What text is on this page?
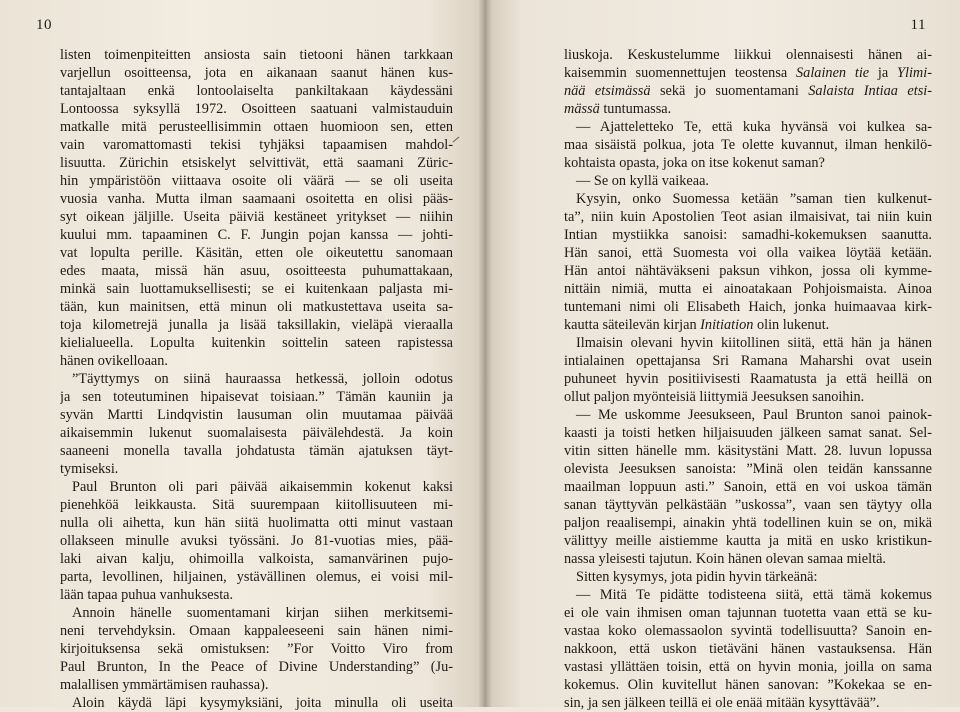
10
listen toimenpiteitten ansiosta sain tietooni hänen tarkkaan
varjellun osoitteensa, jota en aikanaan saanut hänen kus-
tantajaltaan enkä lontoolaiselta pankiltakaan käydessäni
Lontoossa syksyllä 1972. Osoitteen saatuani valmistauduin
matkalle mitä perusteellisimmin ottaen huomioon sen, etten
vain varomattomasti tekisi tyhjäksi tapaamisen mahdol-
lisuutta. Zürichin etsiskelyt selvittivät, että saamani Züric-
hin ympäristöön viittaava osoite oli väärä — se oli useita
vuosia vanha. Mutta ilman saamaani osoitetta en olisi pääs-
syt oikean jäljille. Useita päiviä kestäneet yritykset — niihin
kuului mm. tapaaminen C. F. Jungin pojan kanssa — johti-
vat lopulta perille. Käsitän, etten ole oikeutettu sanomaan
edes maata, missä hän asuu, osoitteesta puhumattakaan,
minkä sain luottamuksellisesti; se ei kuitenkaan paljasta mi-
tään, kun mainitsen, että minun oli matkustettava useita sa-
toja kilometrejä junalla ja lisää taksillakin, vieläpä vieraalla
kielialueella. Lopulta kuitenkin soittelin sateen rapistessa
hänen ovikelloaan.
”Täyttymys on siinä hauraassa hetkessä, jolloin odotus
ja sen toteutuminen hipaisevat toisiaan.” Tämän kauniin ja
syvän Martti Lindqvistin lausuman olin muutamaa päivää
aikaisemmin lukenut suomalaisesta päivälehdestä. Ja koin
saaneeni monella tavalla johdatusta tämän ajatuksen täyt-
tymiseksi.
Paul Brunton oli pari päivää aikaisemmin kokenut kaksi
pienehköä leikkausta. Sitä suurempaan kiitollisuuteen mi-
nulla oli aihetta, kun hän siitä huolimatta otti minut vastaan
ollakseen minulle avuksi työssäni. Jo 81-vuotias mies, pää-
laki aivan kalju, ohimoilla valkoista, samanvärinen pujo-
parta, levollinen, hiljainen, ystävällinen olemus, ei voisi mil-
lään tapaa puhua vanhuksesta.
Annoin hänelle suomentamani kirjan siihen merkitsemi-
neni tervehdyksin. Omaan kappaleeseeni sain hänen nimi-
kirjoituksensa sekä omistuksen: ”For Voitto Viro from
Paul Brunton, In the Peace of Divine Understanding” (Ju-
malallisen ymmärtämisen rauhassa).
Aloin käydä läpi kysymyksiäni, joita minulla oli useita
11
liuskoja. Keskustelumme liikkui olennaisesti hänen ai-
kaisemmin suomennettujen teostensa Salainen tie ja Ylimi-
nää etsimässä sekä jo suomentamani Salaista Intiaa etsi-
mässä tuntumassa.
— Ajatteletteko Te, että kuka hyvänsä voi kulkea sa-
maa sisäistä polkua, jota Te olette kuvannut, ilman henkilö-
kohtaista opasta, joka on itse kokenut saman?
— Se on kyllä vaikeaa.
Kysyin, onko Suomessa ketään ”saman tien kulkenut-
ta”, niin kuin Apostolien Teot asian ilmaisivat, tai niin kuin
Intian mystiikka sanoisi: samadhi-kokemuksen saanutta.
Hän sanoi, että Suomesta voi olla vaikea löytää ketään.
Hän antoi nähtäväkseni paksun vihkon, jossa oli kymme-
nittäin nimiä, mutta ei ainoatakaan Pohjoismaista. Ainoa
tuntemani nimi oli Elisabeth Haich, jonka huimaavaa kirk-
kautta säteilevän kirjan Initiation olin lukenut.
Ilmaisin olevani hyvin kiitollinen siitä, että hän ja hänen
intialainen opettajansa Sri Ramana Maharshi ovat usein
puhuneet hyvin positiivisesti Raamatusta ja että heillä on
ollut paljon myönteisiä liittymiä Jeesuksen sanoihin.
— Me uskomme Jeesukseen, Paul Brunton sanoi painok-
kaasti ja toisti hetken hiljaisuuden jälkeen samat sanat. Sel-
vitin sitten hänelle mm. käsitystäni Matt. 28. luvun lopussa
olevista Jeesuksen sanoista: ”Minä olen teidän kanssanne
maailman loppuun asti.” Sanoin, että en voi uskoa tämän
sanan täyttyvän pelkästään ”uskossa”, vaan sen täytyy olla
paljon reaalisempi, ainakin yhtä todellinen kuin se on, mikä
välittyy meille aistiemme kautta ja mitä en usko kristikun-
nassa yleisesti tajutun. Koin hänen olevan samaa mieltä.
Sitten kysymys, jota pidin hyvin tärkeänä:
— Mitä Te pidätte todisteena siitä, että tämä kokemus
ei ole vain ihmisen oman tajunnan tuotetta vaan että se ku-
vastaa koko olemassaolon syvintä todellisuutta? Sanoin en-
nakkoon, että uskon tietäväni hänen vastauksensa. Hän
vastasi yllättäen toisin, että on hyvin monia, joilla on sama
kokemus. Olin kuvitellut hänen sanovan: ”Kokekaa se en-
sin, ja sen jälkeen teillä ei ole enää mitään kysyttävää”.
